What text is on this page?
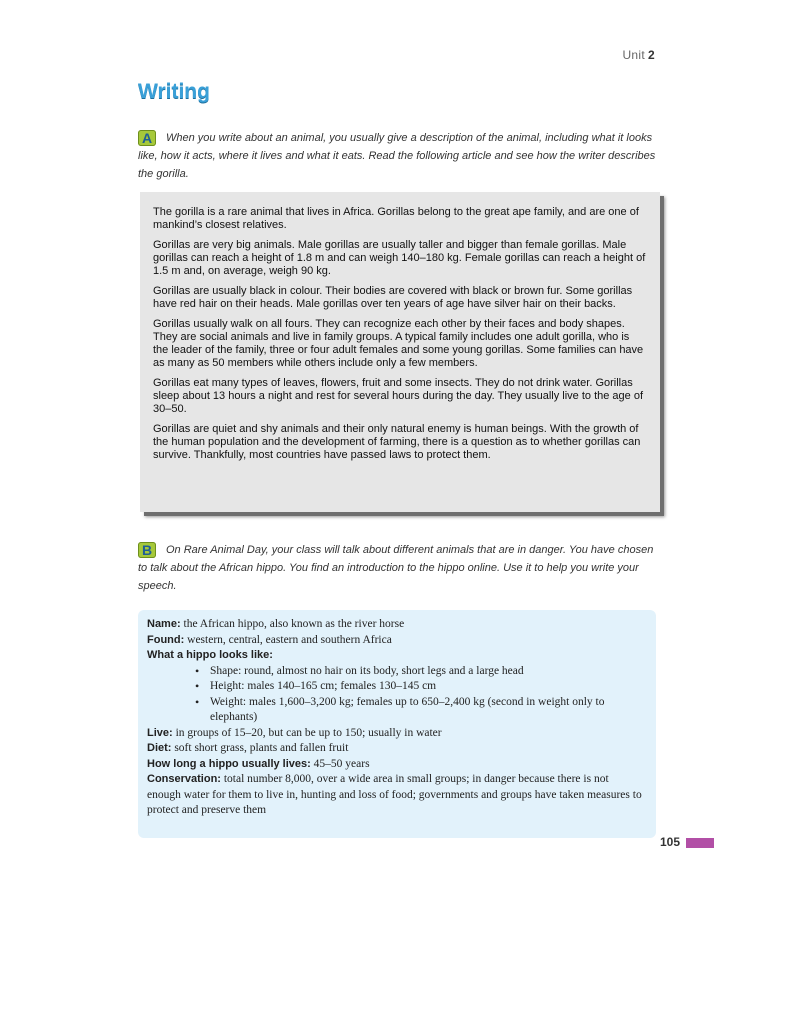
Unit 2
Writing
A When you write about an animal, you usually give a description of the animal, including what it looks like, how it acts, where it lives and what it eats. Read the following article and see how the writer describes the gorilla.

The gorilla is a rare animal that lives in Africa. Gorillas belong to the great ape family, and are one of mankind’s closest relatives.

Gorillas are very big animals. Male gorillas are usually taller and bigger than female gorillas. Male gorillas can reach a height of 1.8 m and can weigh 140–180 kg. Female gorillas can reach a height of 1.5 m and, on average, weigh 90 kg.

Gorillas are usually black in colour. Their bodies are covered with black or brown fur. Some gorillas have red hair on their heads. Male gorillas over ten years of age have silver hair on their backs.

Gorillas usually walk on all fours. They can recognize each other by their faces and body shapes. They are social animals and live in family groups. A typical family includes one adult gorilla, who is the leader of the family, three or four adult females and some young gorillas. Some families can have as many as 50 members while others include only a few members.

Gorillas eat many types of leaves, flowers, fruit and some insects. They do not drink water. Gorillas sleep about 13 hours a night and rest for several hours during the day. They usually live to the age of 30–50.

Gorillas are quiet and shy animals and their only natural enemy is human beings. With the growth of the human population and the development of farming, there is a question as to whether gorillas can survive. Thankfully, most countries have passed laws to protect them.

B On Rare Animal Day, your class will talk about different animals that are in danger. You have chosen to talk about the African hippo. You find an introduction to the hippo online. Use it to help you write your speech.

Name: the African hippo, also known as the river horse

Found: western, central, eastern and southern Africa

What a hippo looks like:

• Shape: round, almost no hair on its body, short legs and a large head
• Height: males 140–165 cm; females 130–145 cm
• Weight: males 1,600–3,200 kg; females up to 650–2,400 kg (second in weight only to elephants)

Live: in groups of 15–20, but can be up to 150; usually in water

Diet: soft short grass, plants and fallen fruit

How long a hippo usually lives: 45–50 years

Conservation: total number 8,000, over a wide area in small groups; in danger because there is not enough water for them to live in, hunting and loss of food; governments and groups have taken measures to protect and preserve them

105
